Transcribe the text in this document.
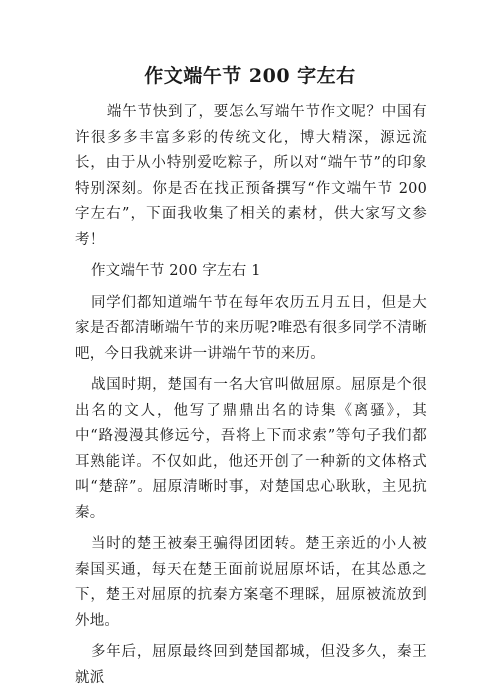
作文端午节 200 字左右

端午节快到了，要怎么写端午节作文呢？中国有许很多多丰富多彩的传统文化，博大精深，源远流长，由于从小特别爱吃粽子，所以对“端午节”的印象特别深刻。你是否在找正预备撰写“作文端午节 200 字左右”，下面我收集了相关的素材，供大家写文参考！

作文端午节 200 字左右 1

同学们都知道端午节在每年农历五月五日，但是大家是否都清晰端午节的来历呢?唯恐有很多同学不清晰吧，今日我就来讲一讲端午节的来历。

战国时期，楚国有一名大官叫做屈原。屈原是个很出名的文人，他写了鼎鼎出名的诗集《离骚》，其中“路漫漫其修远兮，吾将上下而求索”等句子我们都耳熟能详。不仅如此，他还开创了一种新的文体格式叫“楚辞”。屈原清晰时事，对楚国忠心耿耿，主见抗秦。

当时的楚王被秦王骗得团团转。楚王亲近的小人被秦国买通，每天在楚王面前说屈原坏话，在其怂恿之下，楚王对屈原的抗秦方案毫不理睬，屈原被流放到外地。

多年后，屈原最终回到楚国都城，但没多久，秦王就派
